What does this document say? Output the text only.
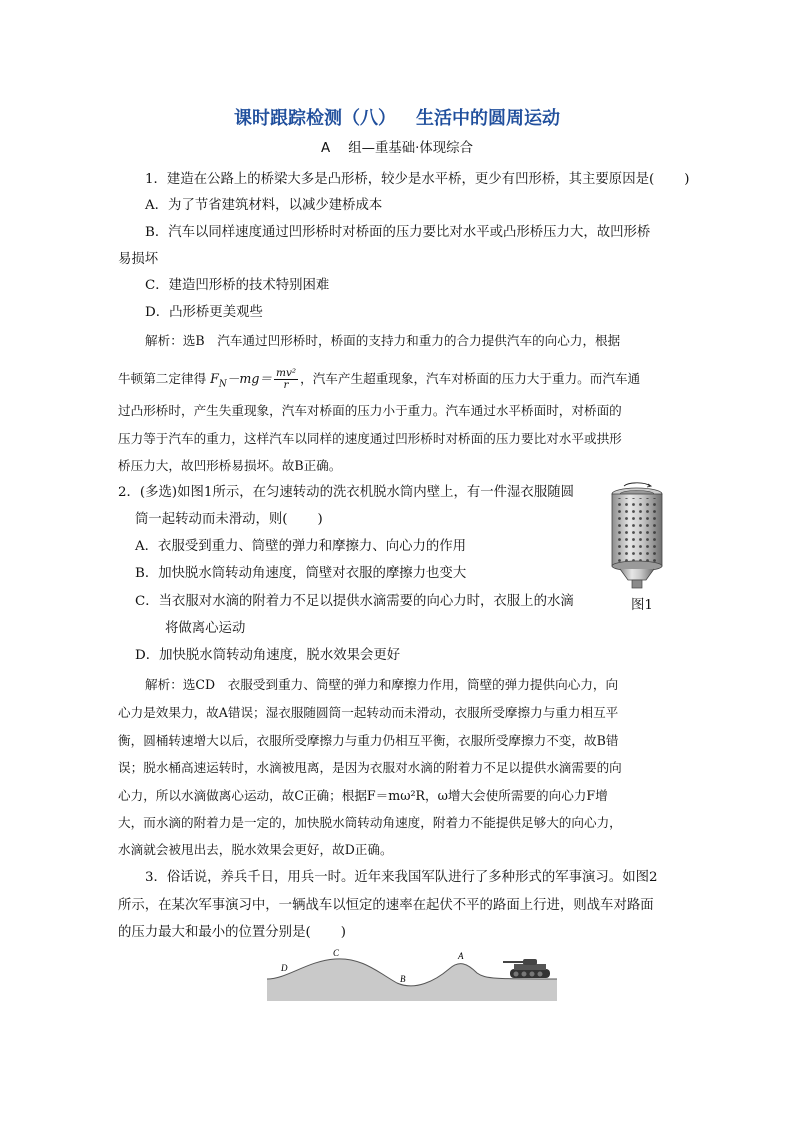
课时跟踪检测（八） 生活中的圆周运动
A 组—重基础·体现综合
1．建造在公路上的桥梁大多是凸形桥，较少是水平桥，更少有凹形桥，其主要原因是( )
A．为了节省建筑材料，以减少建桥成本
B．汽车以同样速度通过凹形桥时对桥面的压力要比对水平或凸形桥压力大，故凹形桥
易损坏
C．建造凹形桥的技术特别困难
D．凸形桥更美观些
解析：选B　汽车通过凹形桥时，桥面的支持力和重力的合力提供汽车的向心力，根据
牛顿第二定律得 $F_N-mg= \frac{\text{mv²}}{r}$ ，汽车产生超重现象，汽车对桥面的压力大于重力。而汽车通
过凸形桥时，产生失重现象，汽车对桥面的压力小于重力。汽车通过水平桥面时，对桥面的
压力等于汽车的重力，这样汽车以同样的速度通过凹形桥时对桥面的压力要比对水平或拱形
桥压力大，故凹形桥易损坏。故B正确。
2．(多选)如图1所示，在匀速转动的洗衣机脱水筒内壁上，有一件湿衣服随圆
筒一起转动而未滑动，则( )
A．衣服受到重力、筒壁的弹力和摩擦力、向心力的作用
B．加快脱水筒转动角速度，筒壁对衣服的摩擦力也变大
C．当衣服对水滴的附着力不足以提供水滴需要的向心力时，衣服上的水滴
将做离心运动
D．加快脱水筒转动角速度，脱水效果会更好
图1
解析：选CD　衣服受到重力、筒壁的弹力和摩擦力作用，筒壁的弹力提供向心力，向
心力是效果力，故A错误；湿衣服随圆筒一起转动而未滑动，衣服所受摩擦力与重力相互平
衡，圆桶转速增大以后，衣服所受摩擦力与重力仍相互平衡，衣服所受摩擦力不变，故B错
误；脱水桶高速运转时，水滴被甩离，是因为衣服对水滴的附着力不足以提供水滴需要的向
心力，所以水滴做离心运动，故C正确；根据F＝mω²R，ω增大会使所需要的向心力F增
大，而水滴的附着力是一定的，加快脱水筒转动角速度，附着力不能提供足够大的向心力，
水滴就会被甩出去，脱水效果会更好，故D正确。
3．俗话说，养兵千日，用兵一时。近年来我国军队进行了多种形式的军事演习。如图2
所示，在某次军事演习中，一辆战车以恒定的速率在起伏不平的路面上行进，则战车对路面
的压力最大和最小的位置分别是( )
D
C
B
A
